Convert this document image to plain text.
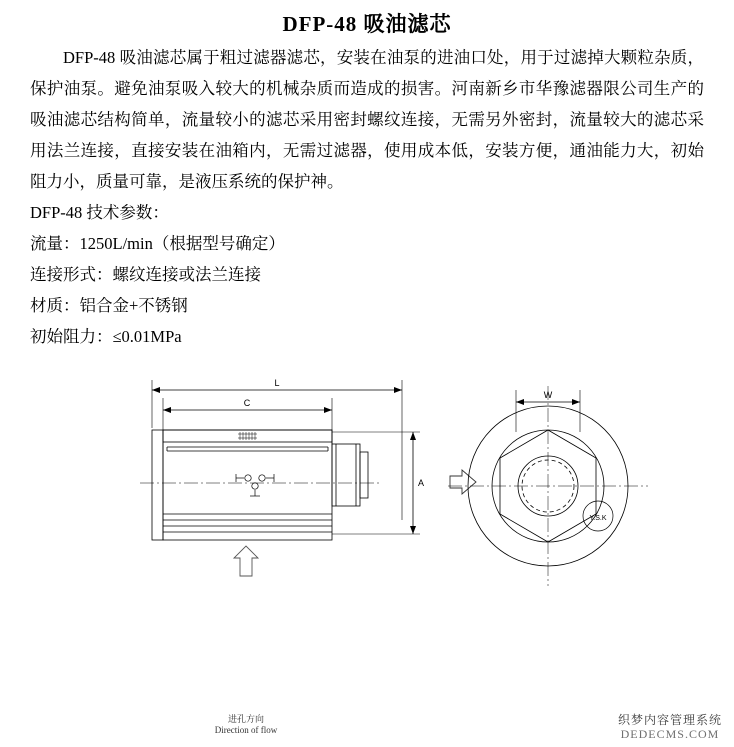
DFP-48 吸油滤芯

DFP-48 吸油滤芯属于粗过滤器滤芯，安装在油泵的进油口处，用于过滤掉大颗粒杂质，保护油泵。避免油泵吸入较大的机械杂质而造成的损害。河南新乡市华豫滤器限公司生产的吸油滤芯结构简单，流量较小的滤芯采用密封螺纹连接，无需另外密封，流量较大的滤芯采用法兰连接，直接安装在油箱内，无需过滤器，使用成本低，安装方便，通油能力大，初始阻力小，质量可靠，是液压系统的保护神。

DFP-48 技术参数：
流量：1250L/min（根据型号确定）
连接形式：螺纹连接或法兰连接
材质：铝合金+不锈钢
初始阻力：≤0.01MPa
L
C
A
W
Y.S.K
进孔方向
Direction of flow
织梦内容管理系统
DEDECMS.COM
